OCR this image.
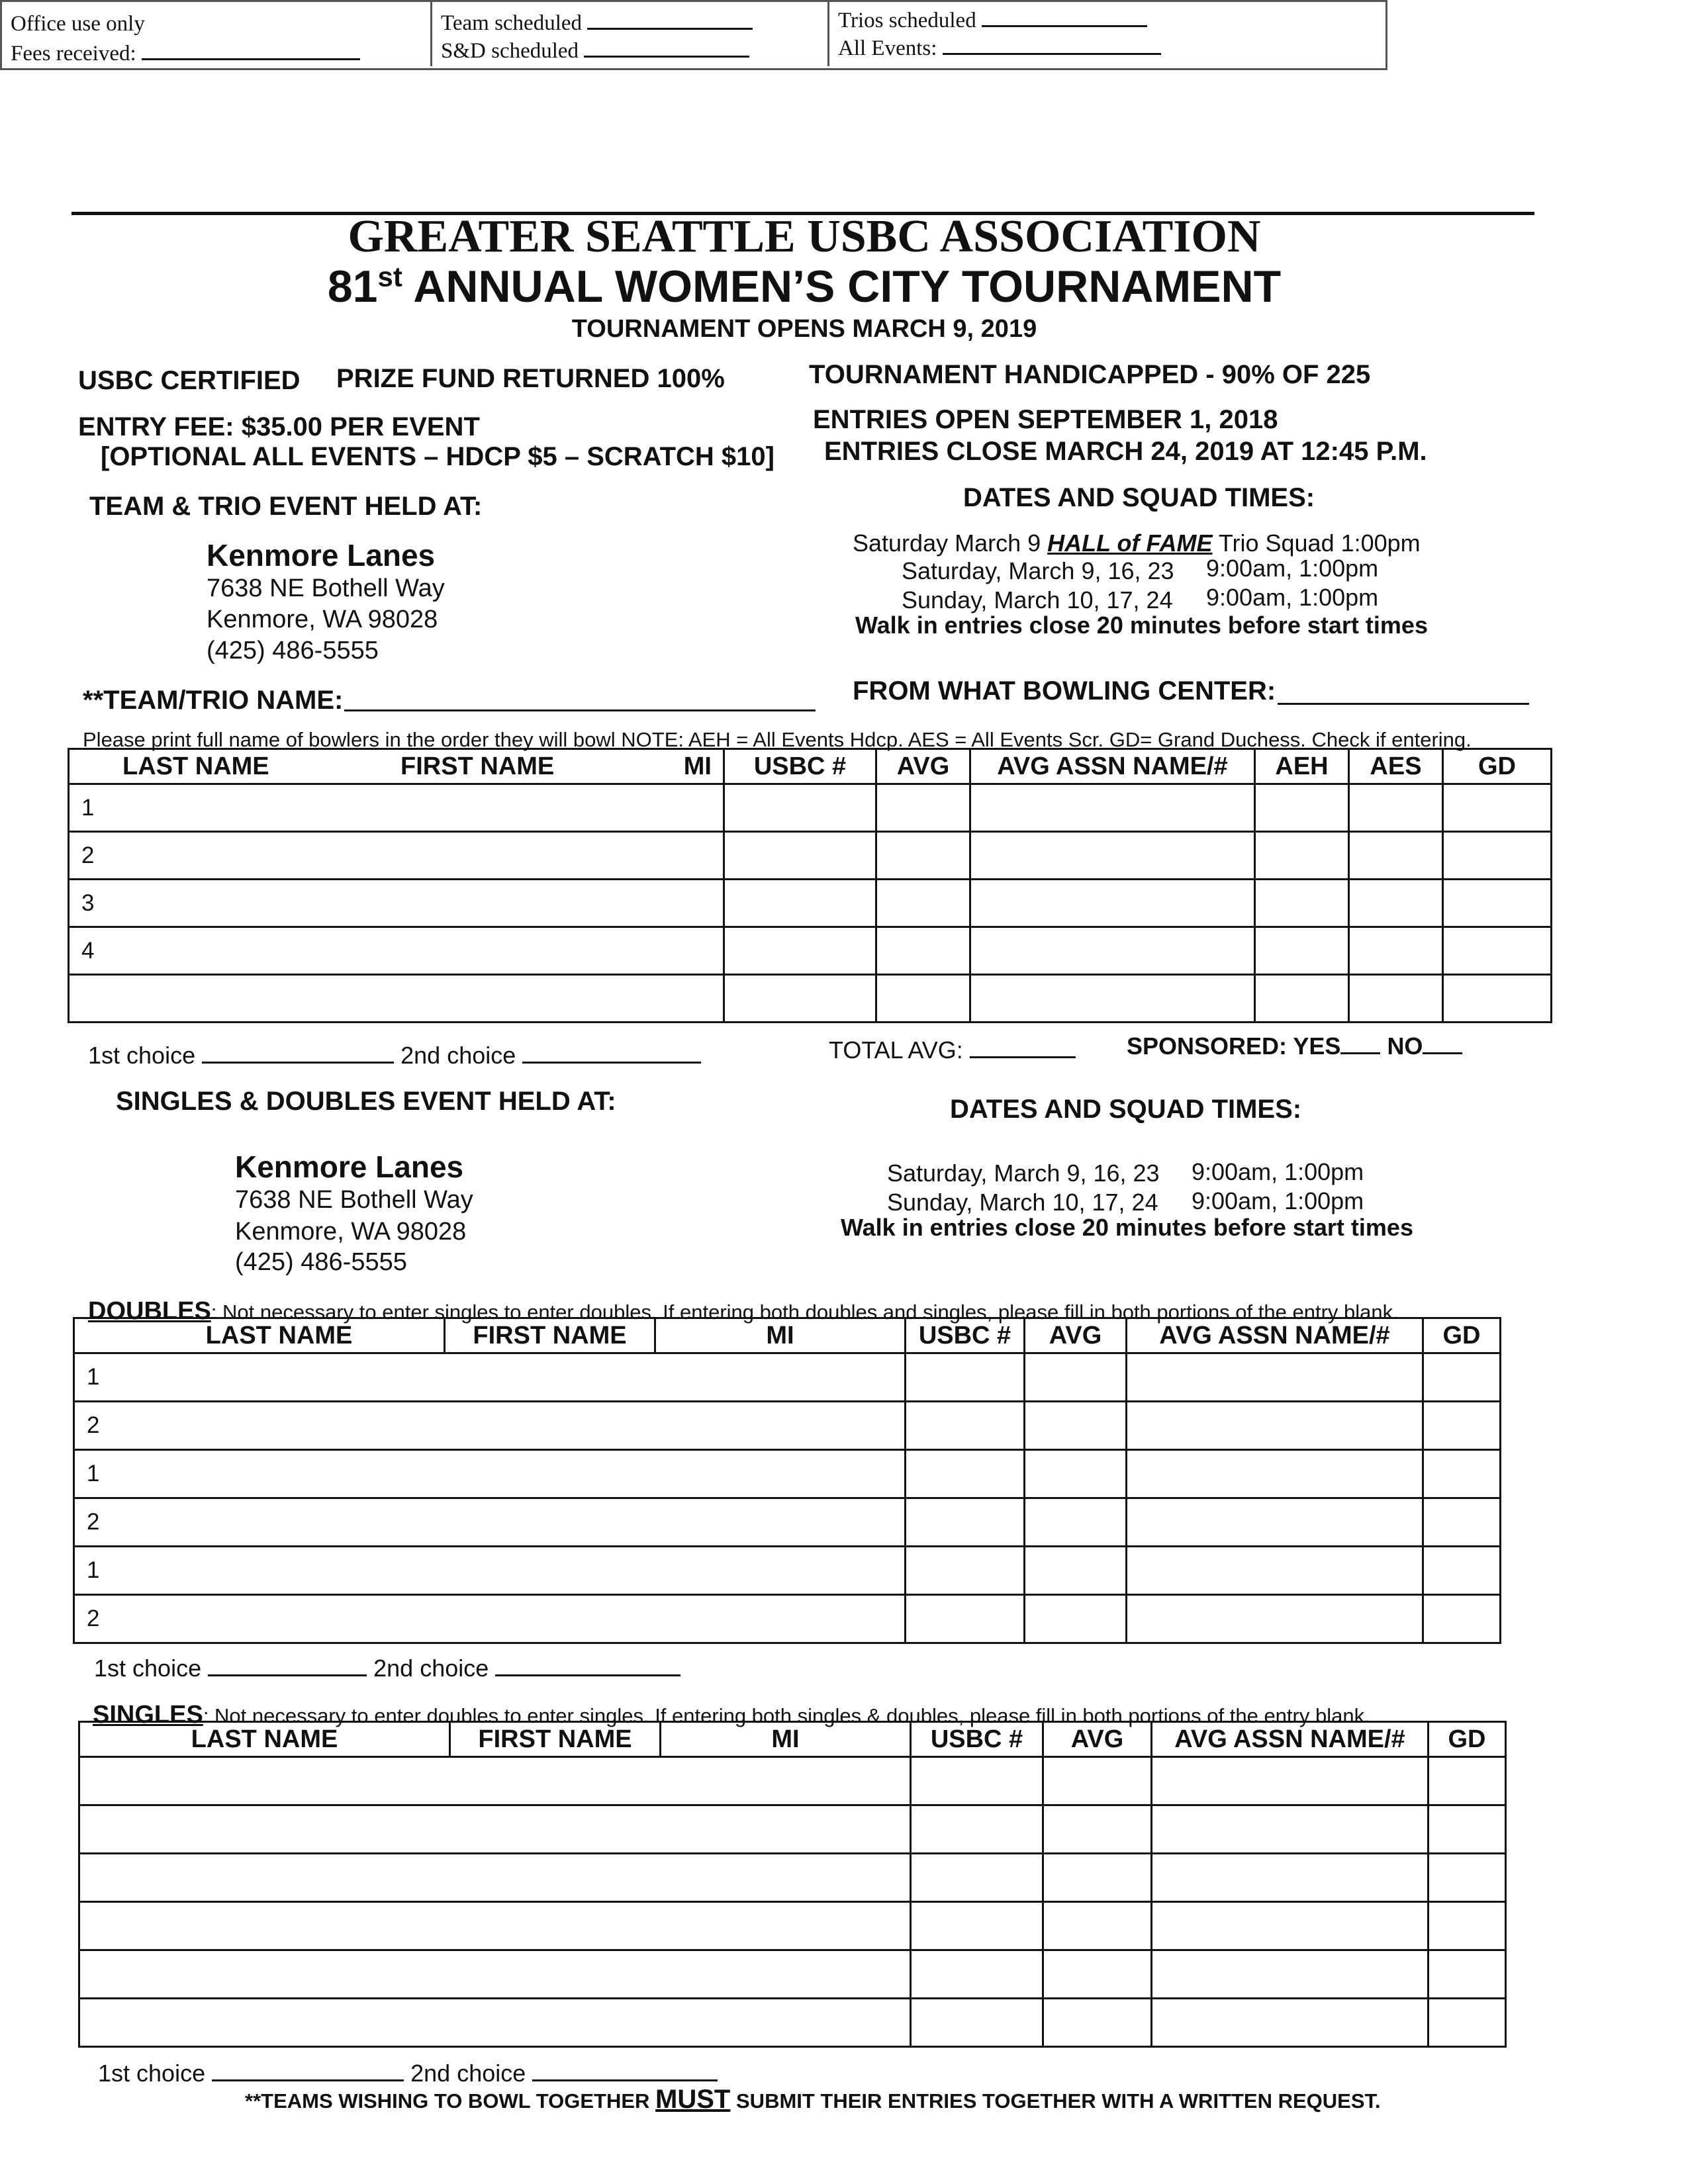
Office use only
Fees received:
Team scheduled
S&D scheduled
Trios scheduled
All Events:
GREATER SEATTLE USBC ASSOCIATION
81st ANNUAL WOMEN’S CITY TOURNAMENT
TOURNAMENT OPENS MARCH 9, 2019
USBC CERTIFIED PRIZE FUND RETURNED 100%	TOURNAMENT HANDICAPPED - 90% OF 225
ENTRY FEE: $35.00 PER EVENT
[OPTIONAL ALL EVENTS – HDCP $5 – SCRATCH $10]
ENTRIES OPEN SEPTEMBER 1, 2018
ENTRIES CLOSE MARCH 24, 2019 AT 12:45 P.M.
TEAM & TRIO EVENT HELD AT:
Kenmore Lanes
7638 NE Bothell Way
Kenmore, WA 98028
(425) 486-5555
DATES AND SQUAD TIMES:
Saturday March 9 HALL of FAME Trio Squad 1:00pm
Saturday, March 9, 16, 23 9:00am, 1:00pm
Sunday, March 10, 17, 24 9:00am, 1:00pm
Walk in entries close 20 minutes before start times
**TEAM/TRIO NAME:	FROM WHAT BOWLING CENTER:
Please print full name of bowlers in the order they will bowl NOTE: AEH = All Events Hdcp. AES = All Events Scr. GD= Grand Duchess. Check if entering.
LAST NAME FIRST NAME MI	USBC #	AVG	AVG ASSN NAME/#	AEH	AES	GD
1						
2						
3						
4						

1st choice	2nd choice	TOTAL AVG:	SPONSORED: YES NO
SINGLES & DOUBLES EVENT HELD AT:
Kenmore Lanes
7638 NE Bothell Way
Kenmore, WA 98028
(425) 486-5555
DATES AND SQUAD TIMES:
Saturday, March 9, 16, 23 9:00am, 1:00pm
Sunday, March 10, 17, 24 9:00am, 1:00pm
Walk in entries close 20 minutes before start times
DOUBLES: Not necessary to enter singles to enter doubles. If entering both doubles and singles, please fill in both portions of the entry blank.
LAST NAME	FIRST NAME	MI	USBC #	AVG	AVG ASSN NAME/#	GD
1						
2						
1						
2						
1						
2						
1st choice	2nd choice
SINGLES: Not necessary to enter doubles to enter singles. If entering both singles & doubles, please fill in both portions of the entry blank.
LAST NAME	FIRST NAME	MI	USBC #	AVG	AVG ASSN NAME/#	GD

1st choice	2nd choice
**TEAMS WISHING TO BOWL TOGETHER MUST SUBMIT THEIR ENTRIES TOGETHER WITH A WRITTEN REQUEST.
